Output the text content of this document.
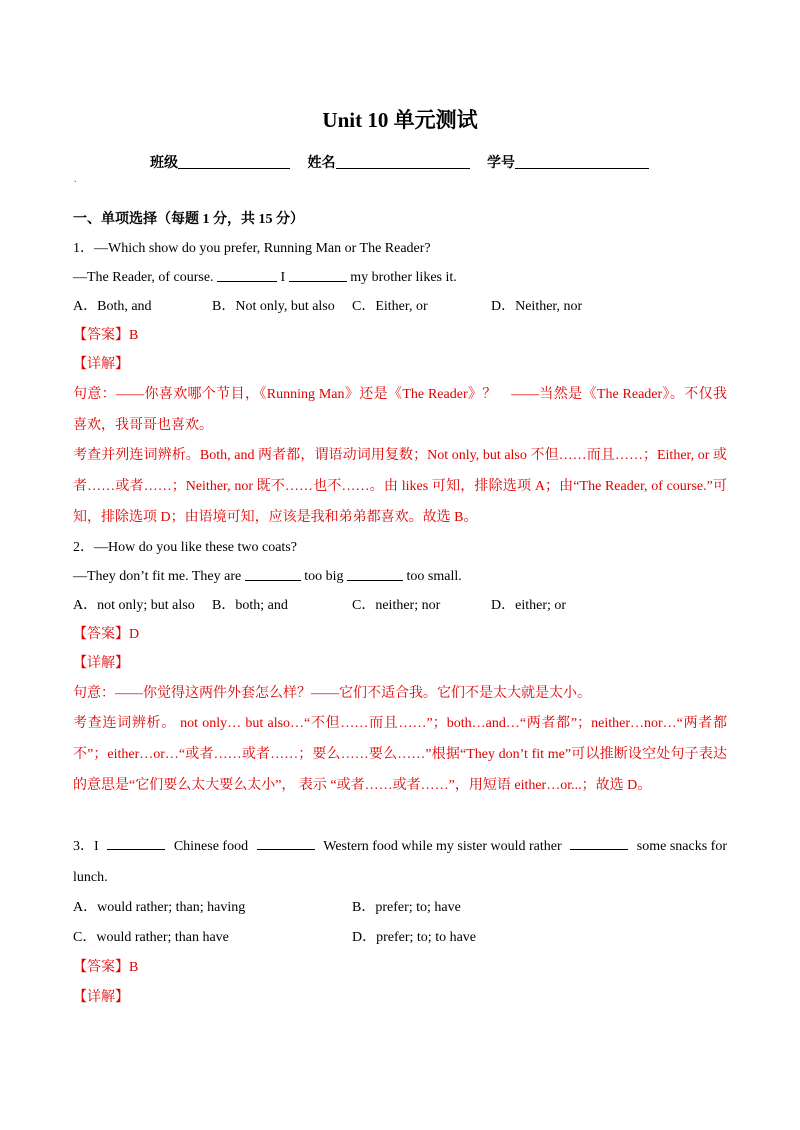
Unit 10 单元测试
班级	姓名	学号
.
一、单项选择（每题 1 分，共 15 分）
1．—Which show do you prefer, Running Man or The Reader?
—The Reader, of course.	I	my brother likes it.
A．Both, and	B．Not only, but also C．Either, or	D．Neither, nor
【答案】B
【详解】
句意：——你喜欢哪个节目，《Running Man》还是《The Reader》？　——当然是《The Reader》。不仅我喜欢，我哥哥也喜欢。
考查并列连词辨析。Both, and 两者都，谓语动词用复数；Not only, but also 不但……而且……；Either, or 或者……或者……；Neither, nor 既不……也不……。由 likes 可知，排除选项 A；由“The Reader, of course.”可知，排除选项 D；由语境可知，应该是我和弟弟都喜欢。故选 B。
2．—How do you like these two coats?
—They don’t fit me. They are	too big	too small.
A．not only; but also B．both; and	C．neither; nor	D．either; or
【答案】D
【详解】
句意：——你觉得这两件外套怎么样？——它们不适合我。它们不是太大就是太小。
考查连词辨析。 not only… but also…“不但……而且……”；both…and…“两者都”；neither…nor…“两者都不”；either…or…“或者……或者……；要么……要么……”根据“They don’t fit me”可以推断设空处句子表达的意思是“它们要么太大要么太小”， 表示 “或者……或者……”，用短语 either…or...；故选 D。
3．I	Chinese food	Western food while my sister would rather	some snacks for
lunch.
A．would rather; than; having	B．prefer; to; have
C．would rather; than have	D．prefer; to; to have
【答案】B
【详解】
